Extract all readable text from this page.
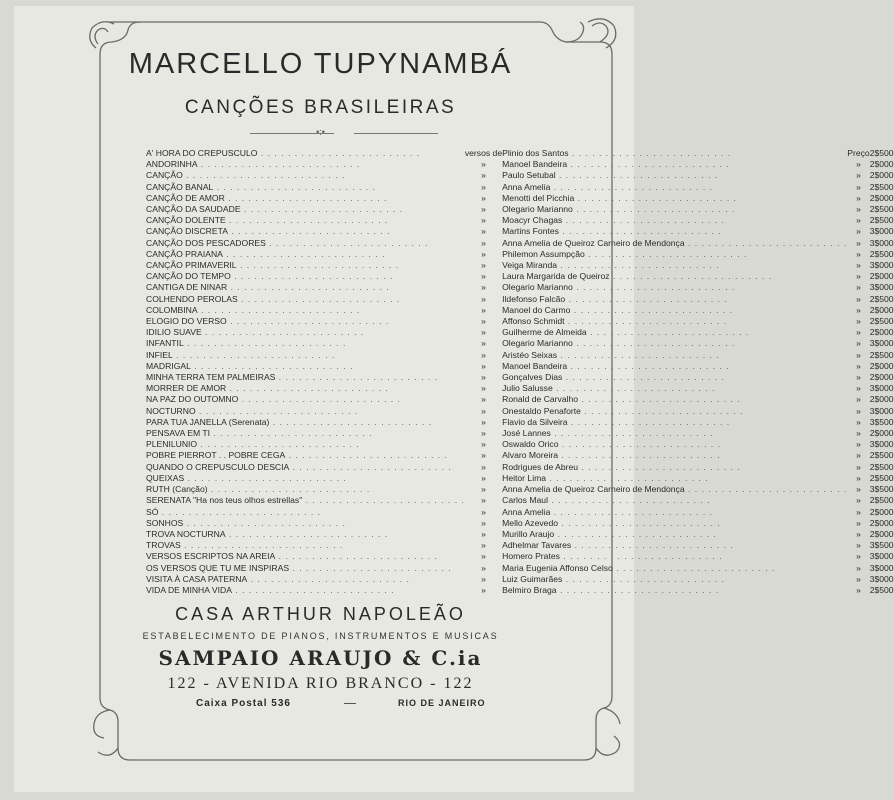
MARCELLO TUPYNAMBÁ
CANÇÕES BRASILEIRAS
•:•
A' HORA DO CREPUSCULO . . . . . . . . . . . . . . . . . . . . . . . .	versos de	Plinio dos Santos . . . . . . . . . . . . . . . . . . . . . . . .	Preço	2$500
ANDORINHA . . . . . . . . . . . . . . . . . . . . . . . .	»	Manoel Bandeira . . . . . . . . . . . . . . . . . . . . . . . .	»	2$000
CANÇÃO . . . . . . . . . . . . . . . . . . . . . . . .	»	Paulo Setubal . . . . . . . . . . . . . . . . . . . . . . . .	»	2$000
CANÇÃO BANAL . . . . . . . . . . . . . . . . . . . . . . . .	»	Anna Amelia . . . . . . . . . . . . . . . . . . . . . . . .	»	2$500
CANÇÃO DE AMOR . . . . . . . . . . . . . . . . . . . . . . . .	»	Menotti del Picchia . . . . . . . . . . . . . . . . . . . . . . . .	»	2$000
CANÇÃO DA SAUDADE . . . . . . . . . . . . . . . . . . . . . . . .	»	Olegario Marianno . . . . . . . . . . . . . . . . . . . . . . . .	»	2$500
CANÇÃO DOLENTE . . . . . . . . . . . . . . . . . . . . . . . .	»	Moacyr Chagas . . . . . . . . . . . . . . . . . . . . . . . .	»	2$500
CANÇÃO DISCRETA . . . . . . . . . . . . . . . . . . . . . . . .	»	Martins Fontes . . . . . . . . . . . . . . . . . . . . . . . .	»	3$000
CANÇÃO DOS PESCADORES . . . . . . . . . . . . . . . . . . . . . . . .	»	Anna Amelia de Queiroz Carneiro de Mendonça . . . . . . . . . . . . . . . . . . . . . . . .	»	3$000
CANÇÃO PRAIANA . . . . . . . . . . . . . . . . . . . . . . . .	»	Philemon Assumpção . . . . . . . . . . . . . . . . . . . . . . . .	»	2$500
CANÇÃO PRIMAVERIL . . . . . . . . . . . . . . . . . . . . . . . .	»	Veiga Miranda . . . . . . . . . . . . . . . . . . . . . . . .	»	3$000
CANÇÃO DO TEMPO . . . . . . . . . . . . . . . . . . . . . . . .	»	Laura Margarida de Queiroz . . . . . . . . . . . . . . . . . . . . . . . .	»	2$000
CANTIGA DE NINAR . . . . . . . . . . . . . . . . . . . . . . . .	»	Olegario Marianno . . . . . . . . . . . . . . . . . . . . . . . .	»	3$000
COLHENDO PEROLAS . . . . . . . . . . . . . . . . . . . . . . . .	»	Ildefonso Falcão . . . . . . . . . . . . . . . . . . . . . . . .	»	2$500
COLOMBINA . . . . . . . . . . . . . . . . . . . . . . . .	»	Manoel do Carmo . . . . . . . . . . . . . . . . . . . . . . . .	»	2$000
ELOGIO DO VERSO . . . . . . . . . . . . . . . . . . . . . . . .	»	Affonso Schmidt . . . . . . . . . . . . . . . . . . . . . . . .	»	2$500
IDILIO SUAVE . . . . . . . . . . . . . . . . . . . . . . . .	»	Guilherme de Almeida . . . . . . . . . . . . . . . . . . . . . . . .	»	2$000
INFANTIL . . . . . . . . . . . . . . . . . . . . . . . .	»	Olegario Marianno . . . . . . . . . . . . . . . . . . . . . . . .	»	3$000
INFIEL . . . . . . . . . . . . . . . . . . . . . . . .	»	Aristéo Seixas . . . . . . . . . . . . . . . . . . . . . . . .	»	2$500
MADRIGAL . . . . . . . . . . . . . . . . . . . . . . . .	»	Manoel Bandeira . . . . . . . . . . . . . . . . . . . . . . . .	»	2$000
MINHA TERRA TEM PALMEIRAS . . . . . . . . . . . . . . . . . . . . . . . .	»	Gonçalves Dias . . . . . . . . . . . . . . . . . . . . . . . .	»	2$000
MORRER DE AMOR . . . . . . . . . . . . . . . . . . . . . . . .	»	Julio Salusse . . . . . . . . . . . . . . . . . . . . . . . .	»	3$000
NA PAZ DO OUTOMNO . . . . . . . . . . . . . . . . . . . . . . . .	»	Ronald de Carvalho . . . . . . . . . . . . . . . . . . . . . . . .	»	2$000
NOCTURNO . . . . . . . . . . . . . . . . . . . . . . . .	»	Onestaldo Penaforte . . . . . . . . . . . . . . . . . . . . . . . .	»	3$000
PARA TUA JANELLA (Serenata) . . . . . . . . . . . . . . . . . . . . . . . .	»	Flavio da Silveira . . . . . . . . . . . . . . . . . . . . . . . .	»	3$500
PENSAVA EM TI . . . . . . . . . . . . . . . . . . . . . . . .	»	José Lannes . . . . . . . . . . . . . . . . . . . . . . . .	»	2$000
PLENILUNIO . . . . . . . . . . . . . . . . . . . . . . . .	»	Oswaldo Orico . . . . . . . . . . . . . . . . . . . . . . . .	»	3$000
POBRE PIERROT . . POBRE CEGA . . . . . . . . . . . . . . . . . . . . . . . .	»	Alvaro Moreira . . . . . . . . . . . . . . . . . . . . . . . .	»	2$500
QUANDO O CREPUSCULO DESCIA . . . . . . . . . . . . . . . . . . . . . . . .	»	Rodrigues de Abreu . . . . . . . . . . . . . . . . . . . . . . . .	»	2$500
QUEIXAS . . . . . . . . . . . . . . . . . . . . . . . .	»	Heitor Lima . . . . . . . . . . . . . . . . . . . . . . . .	»	2$500
RUTH (Canção) . . . . . . . . . . . . . . . . . . . . . . . .	»	Anna Amelia de Queiroz Carneiro de Mendonça . . . . . . . . . . . . . . . . . . . . . . . .	»	3$500
SERENATA "Ha nos teus olhos estrellas" . . . . . . . . . . . . . . . . . . . . . . . .	»	Carlos Maul . . . . . . . . . . . . . . . . . . . . . . . .	»	2$500
SÓ . . . . . . . . . . . . . . . . . . . . . . . .	»	Anna Amelia . . . . . . . . . . . . . . . . . . . . . . . .	»	2$000
SONHOS . . . . . . . . . . . . . . . . . . . . . . . .	»	Mello Azevedo . . . . . . . . . . . . . . . . . . . . . . . .	»	2$000
TROVA NOCTURNA . . . . . . . . . . . . . . . . . . . . . . . .	»	Murillo Araujo . . . . . . . . . . . . . . . . . . . . . . . .	»	2$000
TROVAS . . . . . . . . . . . . . . . . . . . . . . . .	»	Adhelmar Tavares . . . . . . . . . . . . . . . . . . . . . . . .	»	3$500
VERSOS ESCRIPTOS NA AREIA . . . . . . . . . . . . . . . . . . . . . . . .	»	Homero Prates . . . . . . . . . . . . . . . . . . . . . . . .	»	3$000
OS VERSOS QUE TU ME INSPIRAS . . . . . . . . . . . . . . . . . . . . . . . .	»	Maria Eugenia Affonso Celso . . . . . . . . . . . . . . . . . . . . . . . .	»	3$000
VISITA À CASA PATERNA . . . . . . . . . . . . . . . . . . . . . . . .	»	Luiz Guimarães . . . . . . . . . . . . . . . . . . . . . . . .	»	3$000
VIDA DE MINHA VIDA . . . . . . . . . . . . . . . . . . . . . . . .	»	Belmiro Braga . . . . . . . . . . . . . . . . . . . . . . . .	»	2$500
CASA ARTHUR NAPOLEÃO
ESTABELECIMENTO DE PIANOS, INSTRUMENTOS E MUSICAS
SAMPAIO ARAUJO & C.ia
122 - AVENIDA RIO BRANCO - 122
Caixa Postal 536	RIO DE JANEIRO
